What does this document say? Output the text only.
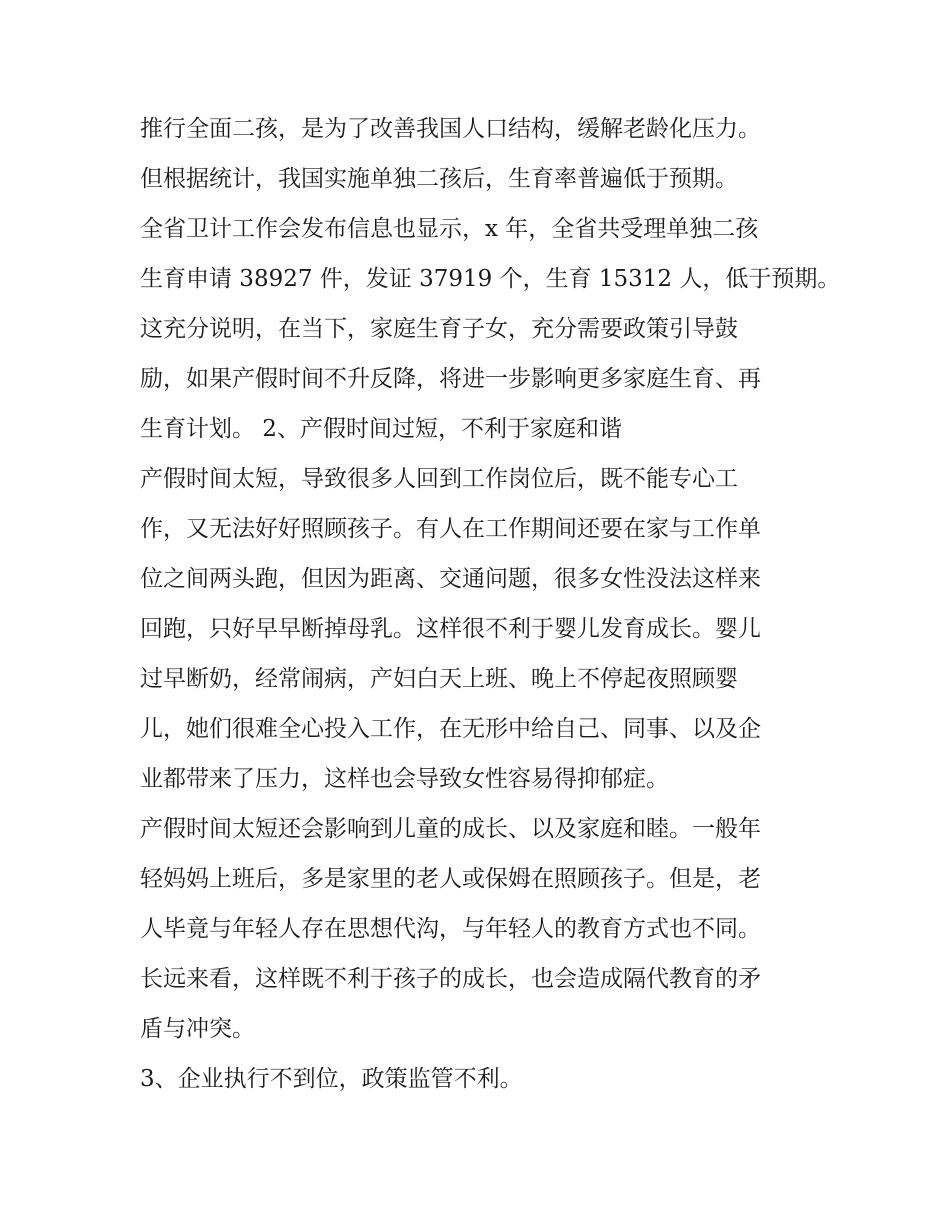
推行全面二孩，是为了改善我国人口结构，缓解老龄化压力。
但根据统计，我国实施单独二孩后，生育率普遍低于预期。
全省卫计工作会发布信息也显示，x 年，全省共受理单独二孩
生育申请 38927 件，发证 37919 个，生育 15312 人，低于预期。
这充分说明，在当下，家庭生育子女，充分需要政策引导鼓
励，如果产假时间不升反降，将进一步影响更多家庭生育、再
生育计划。 2、产假时间过短，不利于家庭和谐
产假时间太短，导致很多人回到工作岗位后，既不能专心工
作，又无法好好照顾孩子。有人在工作期间还要在家与工作单
位之间两头跑，但因为距离、交通问题，很多女性没法这样来
回跑，只好早早断掉母乳。这样很不利于婴儿发育成长。婴儿
过早断奶，经常闹病，产妇白天上班、晚上不停起夜照顾婴
儿，她们很难全心投入工作，在无形中给自己、同事、以及企
业都带来了压力，这样也会导致女性容易得抑郁症。
产假时间太短还会影响到儿童的成长、以及家庭和睦。一般年
轻妈妈上班后，多是家里的老人或保姆在照顾孩子。但是，老
人毕竟与年轻人存在思想代沟，与年轻人的教育方式也不同。
长远来看，这样既不利于孩子的成长，也会造成隔代教育的矛
盾与冲突。
3、企业执行不到位，政策监管不利。
